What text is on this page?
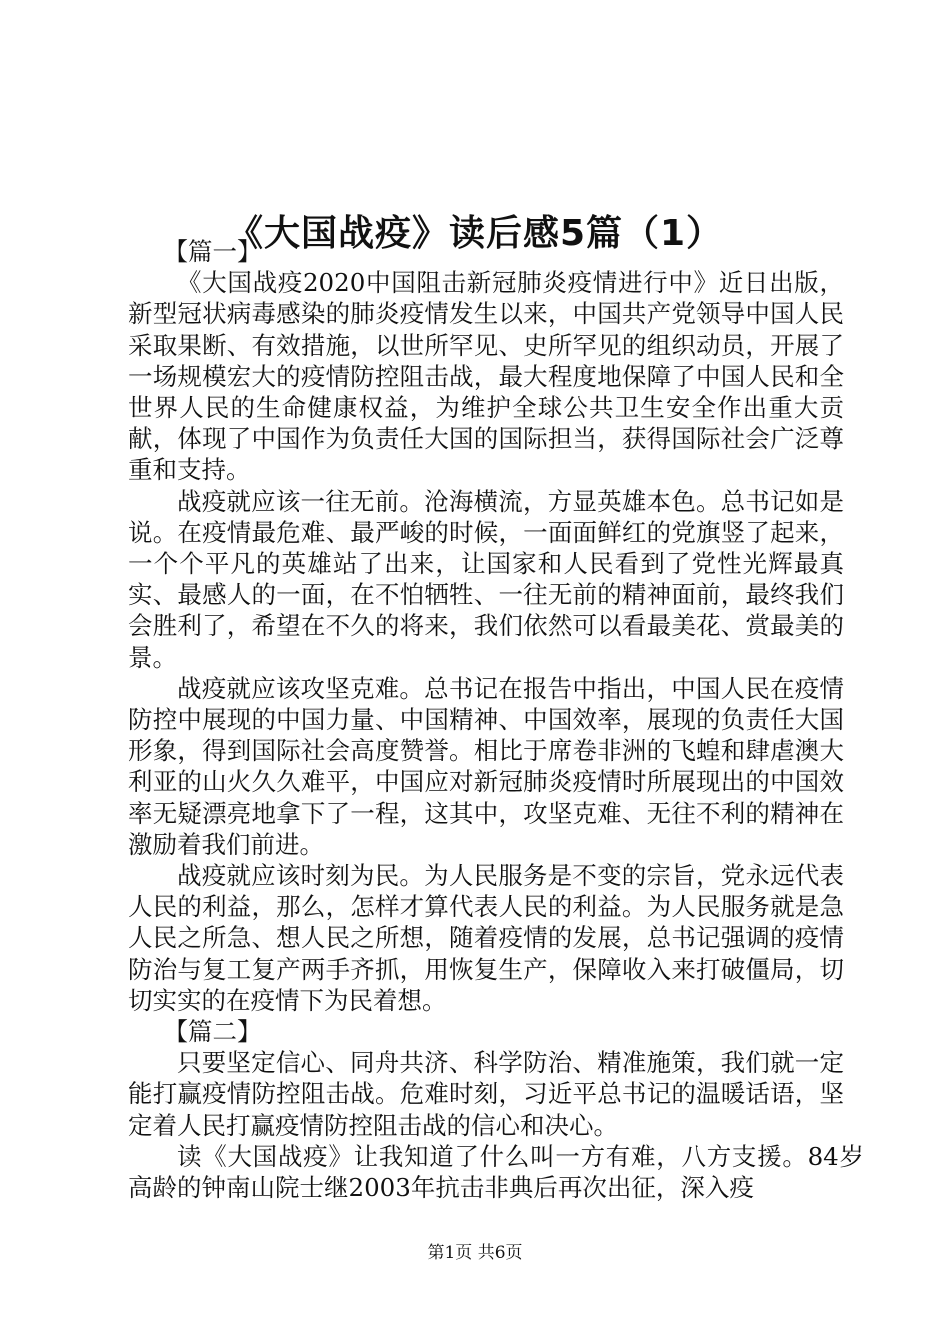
《大国战疫》读后感5篇（1）

【篇一】

《大国战疫2020中国阻击新冠肺炎疫情进行中》近日出版，新型冠状病毒感染的肺炎疫情发生以来，中国共产党领导中国人民采取果断、有效措施，以世所罕见、史所罕见的组织动员，开展了一场规模宏大的疫情防控阻击战，最大程度地保障了中国人民和全世界人民的生命健康权益，为维护全球公共卫生安全作出重大贡献，体现了中国作为负责任大国的国际担当，获得国际社会广泛尊重和支持。

战疫就应该一往无前。沧海横流，方显英雄本色。总书记如是说。在疫情最危难、最严峻的时候，一面面鲜红的党旗竖了起来，一个个平凡的英雄站了出来，让国家和人民看到了党性光辉最真实、最感人的一面，在不怕牺牲、一往无前的精神面前，最终我们会胜利了，希望在不久的将来，我们依然可以看最美花、赏最美的景。

战疫就应该攻坚克难。总书记在报告中指出，中国人民在疫情防控中展现的中国力量、中国精神、中国效率，展现的负责任大国形象，得到国际社会高度赞誉。相比于席卷非洲的飞蝗和肆虐澳大利亚的山火久久难平，中国应对新冠肺炎疫情时所展现出的中国效率无疑漂亮地拿下了一程，这其中，攻坚克难、无往不利的精神在激励着我们前进。

战疫就应该时刻为民。为人民服务是不变的宗旨，党永远代表人民的利益，那么，怎样才算代表人民的利益。为人民服务就是急人民之所急、想人民之所想，随着疫情的发展，总书记强调的疫情防治与复工复产两手齐抓，用恢复生产，保障收入来打破僵局，切切实实的在疫情下为民着想。

【篇二】

只要坚定信心、同舟共济、科学防治、精准施策，我们就一定能打赢疫情防控阻击战。危难时刻，习近平总书记的温暖话语，坚定着人民打赢疫情防控阻击战的信心和决心。

读《大国战疫》让我知道了什么叫一方有难，八方支援。84岁高龄的钟南山院士继2003年抗击非典后再次出征，深入疫

第1页 共6页
